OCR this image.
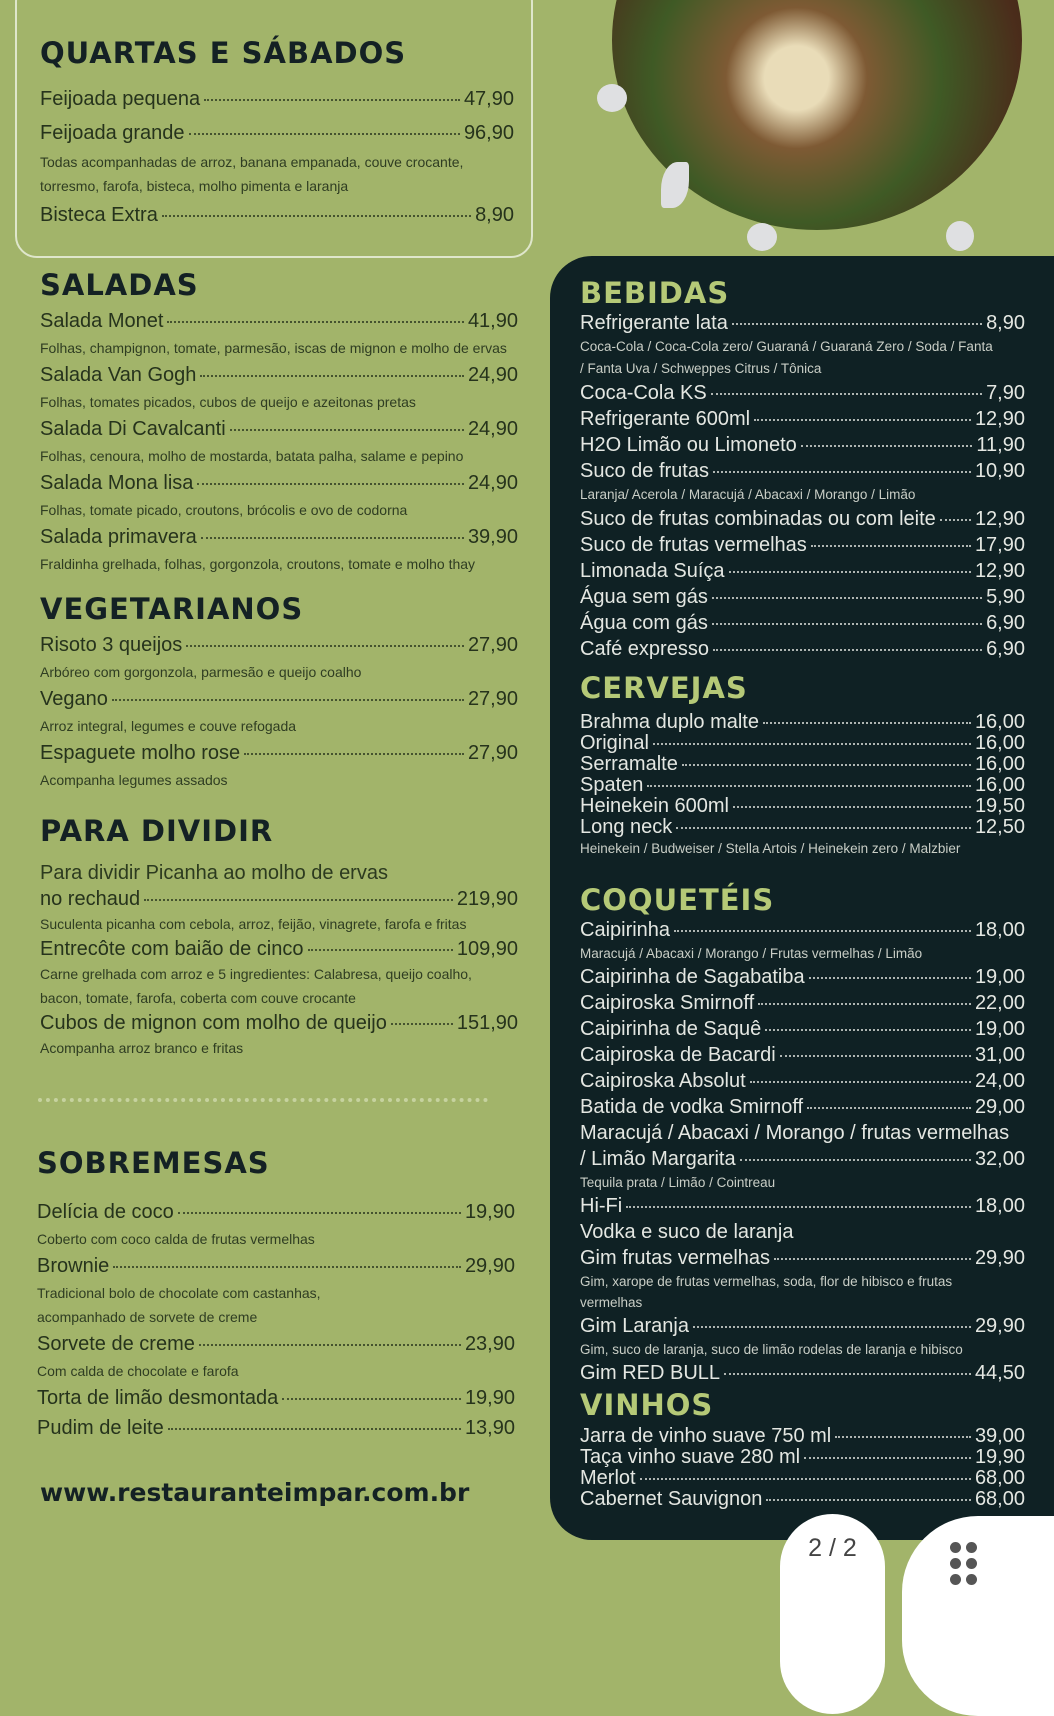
QUARTAS E SÁBADOS
Feijoada pequena	47,90
Feijoada grande	96,90
Todas acompanhadas de arroz, banana empanada, couve crocante,
torresmo, farofa, bisteca, molho pimenta e laranja
Bisteca Extra	8,90
SALADAS
Salada Monet	41,90
Folhas, champignon, tomate, parmesão, iscas de mignon e molho de ervas
Salada Van Gogh	24,90
Folhas, tomates picados, cubos de queijo e azeitonas pretas
Salada Di Cavalcanti	24,90
Folhas, cenoura, molho de mostarda, batata palha, salame e pepino
Salada Mona lisa	24,90
Folhas, tomate picado, croutons, brócolis e ovo de codorna
Salada primavera	39,90
Fraldinha grelhada, folhas, gorgonzola, croutons, tomate e molho thay
VEGETARIANOS
Risoto 3 queijos	27,90
Arbóreo com gorgonzola, parmesão e queijo coalho
Vegano	27,90
Arroz integral, legumes e couve refogada
Espaguete molho rose	27,90
Acompanha legumes assados
PARA DIVIDIR
Para dividir Picanha ao molho de ervas
no rechaud	219,90
Suculenta picanha com cebola, arroz, feijão, vinagrete, farofa e fritas
Entrecôte com baião de cinco	109,90
Carne grelhada com arroz e 5 ingredientes: Calabresa, queijo coalho,
bacon, tomate, farofa, coberta com couve crocante
Cubos de mignon com molho de queijo	151,90
Acompanha arroz branco e fritas
SOBREMESAS
Delícia de coco	19,90
Coberto com coco calda de frutas vermelhas
Brownie	29,90
Tradicional bolo de chocolate com castanhas,
acompanhado de sorvete de creme
Sorvete de creme	23,90
Com calda de chocolate e farofa
Torta de limão desmontada	19,90
Pudim de leite	13,90
www.restauranteimpar.com.br
BEBIDAS
Refrigerante lata	8,90
Coca-Cola / Coca-Cola zero/ Guaraná / Guaraná Zero / Soda / Fanta
/ Fanta Uva / Schweppes Citrus / Tônica
Coca-Cola KS	7,90
Refrigerante 600ml	12,90
H2O Limão ou Limoneto	11,90
Suco de frutas	10,90
Laranja/ Acerola / Maracujá / Abacaxi / Morango / Limão
Suco de frutas combinadas ou com leite 12,90
Suco de frutas vermelhas	17,90
Limonada Suíça	12,90
Água sem gás	5,90
Água com gás	6,90
Café expresso	6,90
CERVEJAS
Brahma duplo malte	16,00
Original	16,00
Serramalte	16,00
Spaten	16,00
Heinekein 600ml	19,50
Long neck	12,50
Heinekein / Budweiser / Stella Artois / Heinekein zero / Malzbier
COQUETÉIS
Caipirinha	18,00
Maracujá / Abacaxi / Morango / Frutas vermelhas / Limão
Caipirinha de Sagabatiba	19,00
Caipiroska Smirnoff	22,00
Caipirinha de Saquê	19,00
Caipiroska de Bacardi	31,00
Caipiroska Absolut	24,00
Batida de vodka Smirnoff	29,00
Maracujá / Abacaxi / Morango / frutas vermelhas
/ Limão Margarita	32,00
Tequila prata / Limão / Cointreau
Hi-Fi	18,00
Vodka e suco de laranja
Gim frutas vermelhas	29,90
Gim, xarope de frutas vermelhas, soda, flor de hibisco e frutas
vermelhas
Gim Laranja	29,90
Gim, suco de laranja, suco de limão rodelas de laranja e hibisco
Gim RED BULL	44,50
VINHOS
Jarra de vinho suave 750 ml	39,00
Taça vinho suave 280 ml	19,90
Merlot	68,00
Cabernet Sauvignon	68,00
2 / 2
